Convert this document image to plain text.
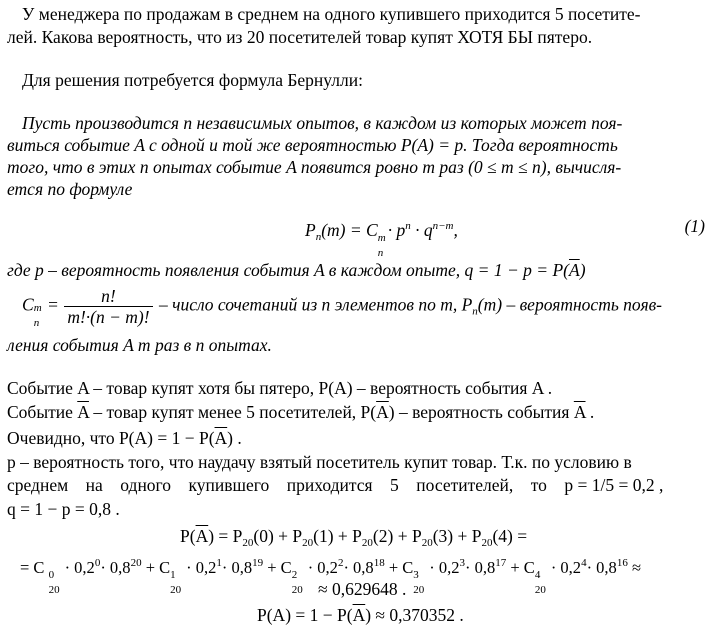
У менеджера по продажам в среднем на одного купившего приходится 5 посетите-
лей. Какова вероятность, что из 20 посетителей товар купят ХОТЯ БЫ пятеро.
Для решения потребуется формула Бернулли:
Пусть производится n независимых опытов, в каждом из которых может поя-
виться событие A с одной и той же вероятностью P(A) = p. Тогда вероятность
того, что в этих n опытах событие A появится ровно m раз (0 ≤ m ≤ n), вычисля-
ется по формуле
$P_n(m) = C$ m
n
· $p^n \cdot q^{n-m}$,	(1)
где p – вероятность появления события A в каждом опыте, $q = 1 - p = P(\overline{A})$
C m
n
= $\frac{n!}{m!\cdot(n - m)!}$ – число сочетаний из n элементов по m, $P_n(m)$ – вероятность появ-
ления события A m раз в n опытах.
Событие A – товар купят хотя бы пятеро, P(A) – вероятность события A .
Событие $\overline{A}$ – товар купят менее 5 посетителей, $P(\overline{A})$ – вероятность события $\overline{A}$ .
Очевидно, что $P(A) = 1 - P(\overline{A})$ .
p – вероятность того, что наудачу взятый посетитель купит товар. Т.к. по условию в
среднем    на    одного    купившего    приходится    5    посетителей,    то    p = 1/5 = 0,2 ,
q = 1 − p = 0,8 .
$P(\overline{A}) = P_{20}(0) + P_{20}(1) + P_{20}(2) + P_{20}(3) + P_{20}(4)$ =
= C 0
20
· $0,2^0\cdot 0,8^{20} + C$ 1
20
· $0,2^1\cdot 0,8^{19} + C$ 2
20
· $0,2^2\cdot 0,8^{18} + C$ 3
20
· $0,2^3\cdot 0,8^{17} + C$ 4
20
· $0,2^4\cdot 0,8^{16}$ ≈
≈ 0,629648 .
$P(A) = 1 - P(\overline{A}) \approx 0,370352$ .
